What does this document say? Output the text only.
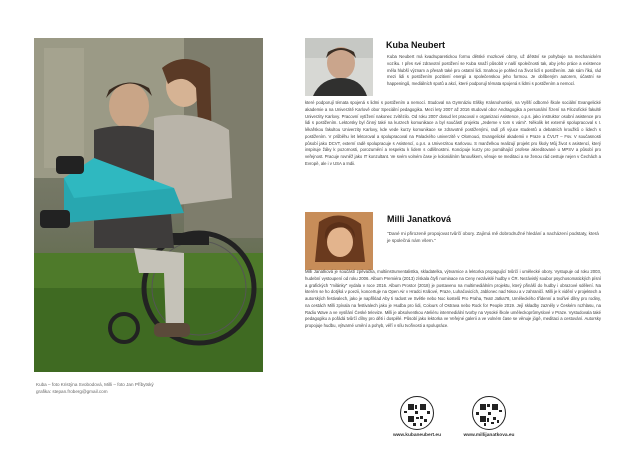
Kuba – foto Kristýna Svobodová, Milli – foto Jan Příbytský
grafika: stepan.froberg@gmail.com
Kuba Neubert
Kuba Neubert má kvadruparetickou formu dětské mozkové obrny, už dětství se pohybuje na mechanickém vozíku. I přes své zdravotní postižení se Kuba snaží působit v naší společnosti tak, aby jeho práce a existence měla hlubší význam a přesah také pro ostatní lidi. Snahou je pohled na život lidí s postižením. Jak sám říká, rád mezi lidi s postižením pozitivní energii a společenskou jeho formou. Je oblíbeným autorem, účastní se happeningů, mediálních spotů a akcí, které podporují témata spojená s lidmi s postižením a nemocí.
které podporují témata spojená s lidmi s postižením a nemocí. Studoval na Gymnáziu Elišky Krásnohorské, na Vyšší odborné škole sociální Evangelické akademie a na Univerzitě Karlově obor Speciální pedagogika. Mezi lety 2007 až 2016 studoval obor Andragogika a personální řízení na Filozofické fakultě Univerzity Karlovy. Pracovní vytížení nakonec zvítězilo. Od roku 2007 dosud let pracoval v organizaci Asistence, o.p.s. jako instruktor osobní asistence pro lidi s postižením. Lektorsky byl činný také na kurzech komunikace a byl součástí projektu „Jedeme v tom s vámi“. Několik let externě spolupracoval s I. lékařskou fakultou Univerzity Karlovy, kde vede kurzy komunikace se zdravotně postiženými, radí při výuce studentů a debatních kroužků o lidech s postižením. V průběhu let lektoroval a spolupracoval na Palackého univerzitě v Olomouci, Evangelické akademii v Praze a ČVUT – Fsv. V současnosti působí jako DCVT, externí radě spolupracuje s Asistencí, o.p.s. a Univerzitou Karlovou. S manželkou realizují projekt pro školy Můj život s asistencí, který inspiruje žáky k pozornosti, porozumění a respektu k lidem s odlišnostmi. Koncipuje kurzy pro pomáhající profese akreditované u MPSV a působí pro veřejnost. Pracuje rovněž jako IT konzultant. Ve svém volném čase je koloniálním fanouškem, věnuje se meditaci a se ženou rád cestuje nejen v Čechách a Evropě, ale i v USA a Indii.
Milli Janatková
"Dané mi přirozeně propojovat tvůrčí obory. Zajímá mě dobrodružné hledání a nacházení podstaty, která je společná nám všem."
Milli Janatková je součástí zpěvačka, multiinstrumentalistka, skladatelka, výtvarnice a lektorka propagující tvůrčí i umělecké obory. Vystupuje od roku 2003, hudební vystoupení od roku 2006. Album Premiéra (2013) získala čtyři nominace na Ceny nezávislé hudby v ČR. Nezávislý soubor psychosomatických písní a grafických "milánky" vydala v roce 2016. Album Prostor (2018) je postaveno na multimediálním projektu, který přináší do hudby i obrazové sdělení. Na kterém se ho dotýká v poezii, koncertuje na Open Air v Hradci Králové, Praze, Luhačovicích, Jablonec nad Nisou a v zahraničí. Milli je k vidění v projektech a autorských festivalech, jako je například Aby ti radost ve Světle nebo Noc kostelů Pro Praha, Teatr Jatka78, Uměleckého třídenní a tvořivé dílny pro rodiny, na cestách Milli zpívala na festivalech jako je Hudba pro lidi, Colours of Ostrava nebo Rock for People 2019. Její skladby zazněly v Českém rozhlasu, na Radiu Wave a ve vysílání České televize. Milli je absolventkou Ateliéru intermediální tvorby na Vysoké škole uměleckoprůmyslové v Praze. Vystudovala také pedagogiku a pořádá tvůrčí dílny pro děti i dospělé. Působí jako lektorka ve Veřejné galerii a ve volném čase se věnuje jógě, meditaci a cestování. Autorsky propojuje hudbu, výtvarné umění a pohyb, věří v sílu tvořivosti a spolupráce.
www.kubaneubert.eu	www.millijanatkova.eu
